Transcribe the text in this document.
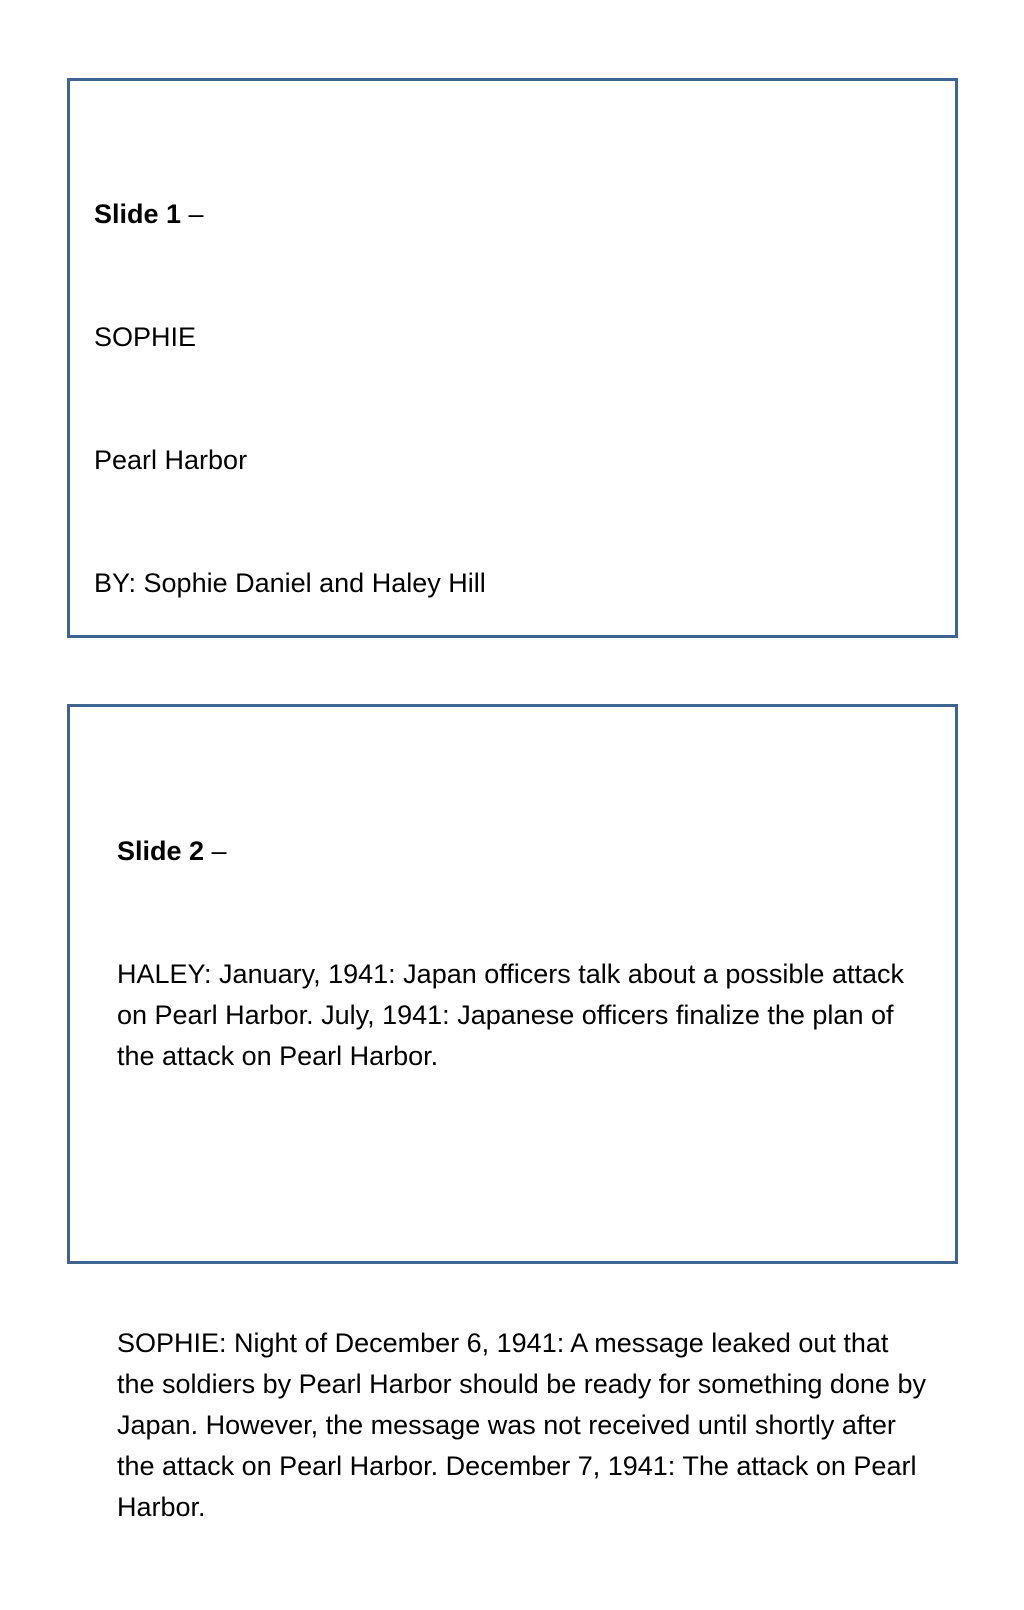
Slide 1 –

SOPHIE

Pearl Harbor

BY: Sophie Daniel and Haley Hill

Slide 2 –

HALEY: January, 1941: Japan officers talk about a possible attack on Pearl Harbor. July, 1941: Japanese officers finalize the plan of the attack on Pearl Harbor.

SOPHIE: Night of December 6, 1941: A message leaked out that the soldiers by Pearl Harbor should be ready for something done by Japan. However, the message was not received until shortly after the attack on Pearl Harbor. December 7, 1941: The attack on Pearl Harbor.
